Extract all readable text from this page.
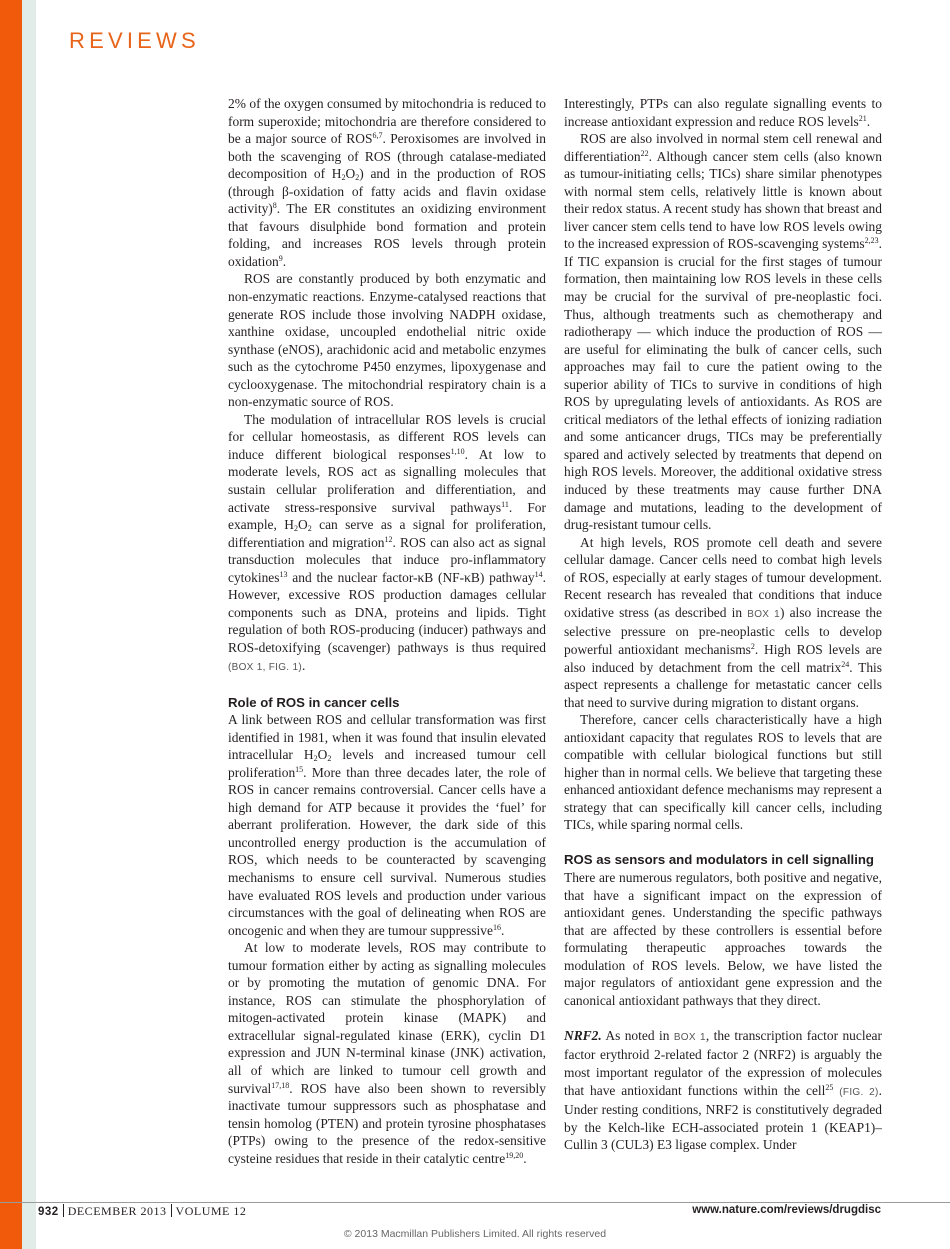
REVIEWS

2% of the oxygen consumed by mitochondria is reduced to form superoxide; mitochondria are therefore considered to be a major source of ROS$^{6,7}$. Peroxisomes are involved in both the scavenging of ROS (through catalase-mediated decomposition of $H_2O_2$) and in the production of ROS (through β-oxidation of fatty acids and flavin oxidase activity)$^8$. The ER constitutes an oxidizing environment that favours disulphide bond formation and protein folding, and increases ROS levels through protein oxidation$^9$.

ROS are constantly produced by both enzymatic and non-enzymatic reactions. Enzyme-catalysed reactions that generate ROS include those involving NADPH oxidase, xanthine oxidase, uncoupled endothelial nitric oxide synthase (eNOS), arachidonic acid and metabolic enzymes such as the cytochrome P450 enzymes, lipoxygenase and cyclooxygenase. The mitochondrial respiratory chain is a non-enzymatic source of ROS.

The modulation of intracellular ROS levels is crucial for cellular homeostasis, as different ROS levels can induce different biological responses$^{1,10}$. At low to moderate levels, ROS act as signalling molecules that sustain cellular proliferation and differentiation, and activate stress-responsive survival pathways$^{11}$. For example, $H_2O_2$ can serve as a signal for proliferation, differentiation and migration$^{12}$. ROS can also act as signal transduction molecules that induce pro-inflammatory cytokines$^{13}$ and the nuclear factor-κB (NF-κB) pathway$^{14}$. However, excessive ROS production damages cellular components such as DNA, proteins and lipids. Tight regulation of both ROS-producing (inducer) pathways and ROS-detoxifying (scavenger) pathways is thus required (BOX 1, FIG. 1).

Role of ROS in cancer cells

A link between ROS and cellular transformation was first identified in 1981, when it was found that insulin elevated intracellular $H_2O_2$ levels and increased tumour cell proliferation$^{15}$. More than three decades later, the role of ROS in cancer remains controversial. Cancer cells have a high demand for ATP because it provides the ‘fuel’ for aberrant proliferation. However, the dark side of this uncontrolled energy production is the accumulation of ROS, which needs to be counteracted by scavenging mechanisms to ensure cell survival. Numerous studies have evaluated ROS levels and production under various circumstances with the goal of delineating when ROS are oncogenic and when they are tumour suppressive$^{16}$.

At low to moderate levels, ROS may contribute to tumour formation either by acting as signalling molecules or by promoting the mutation of genomic DNA. For instance, ROS can stimulate the phosphorylation of mitogen-activated protein kinase (MAPK) and extracellular signal-regulated kinase (ERK), cyclin D1 expression and JUN N-terminal kinase (JNK) activation, all of which are linked to tumour cell growth and survival$^{17,18}$. ROS have also been shown to reversibly inactivate tumour suppressors such as phosphatase and tensin homolog (PTEN) and protein tyrosine phosphatases (PTPs) owing to the presence of the redox-sensitive cysteine residues that reside in their catalytic centre$^{19,20}$.

Interestingly, PTPs can also regulate signalling events to increase antioxidant expression and reduce ROS levels$^{21}$.

ROS are also involved in normal stem cell renewal and differentiation$^{22}$. Although cancer stem cells (also known as tumour-initiating cells; TICs) share similar phenotypes with normal stem cells, relatively little is known about their redox status. A recent study has shown that breast and liver cancer stem cells tend to have low ROS levels owing to the increased expression of ROS-scavenging systems$^{2,23}$. If TIC expansion is crucial for the first stages of tumour formation, then maintaining low ROS levels in these cells may be crucial for the survival of pre-neoplastic foci. Thus, although treatments such as chemotherapy and radiotherapy — which induce the production of ROS — are useful for eliminating the bulk of cancer cells, such approaches may fail to cure the patient owing to the superior ability of TICs to survive in conditions of high ROS by upregulating levels of antioxidants. As ROS are critical mediators of the lethal effects of ionizing radiation and some anticancer drugs, TICs may be preferentially spared and actively selected by treatments that depend on high ROS levels. Moreover, the additional oxidative stress induced by these treatments may cause further DNA damage and mutations, leading to the development of drug-resistant tumour cells.

At high levels, ROS promote cell death and severe cellular damage. Cancer cells need to combat high levels of ROS, especially at early stages of tumour development. Recent research has revealed that conditions that induce oxidative stress (as described in BOX 1) also increase the selective pressure on pre-neoplastic cells to develop powerful antioxidant mechanisms$^2$. High ROS levels are also induced by detachment from the cell matrix$^{24}$. This aspect represents a challenge for metastatic cancer cells that need to survive during migration to distant organs.

Therefore, cancer cells characteristically have a high antioxidant capacity that regulates ROS to levels that are compatible with cellular biological functions but still higher than in normal cells. We believe that targeting these enhanced antioxidant defence mechanisms may represent a strategy that can specifically kill cancer cells, including TICs, while sparing normal cells.

ROS as sensors and modulators in cell signalling

There are numerous regulators, both positive and negative, that have a significant impact on the expression of antioxidant genes. Understanding the specific pathways that are affected by these controllers is essential before formulating therapeutic approaches towards the modulation of ROS levels. Below, we have listed the major regulators of antioxidant gene expression and the canonical antioxidant pathways that they direct.

NRF2. As noted in BOX 1, the transcription factor nuclear factor erythroid 2-related factor 2 (NRF2) is arguably the most important regulator of the expression of molecules that have antioxidant functions within the cell$^{25}$ (FIG. 2). Under resting conditions, NRF2 is constitutively degraded by the Kelch-like ECH-associated protein 1 (KEAP1)–Cullin 3 (CUL3) E3 ligase complex. Under

932 DECEMBER 2013 VOLUME 12	www.nature.com/reviews/drugdisc
© 2013 Macmillan Publishers Limited. All rights reserved
